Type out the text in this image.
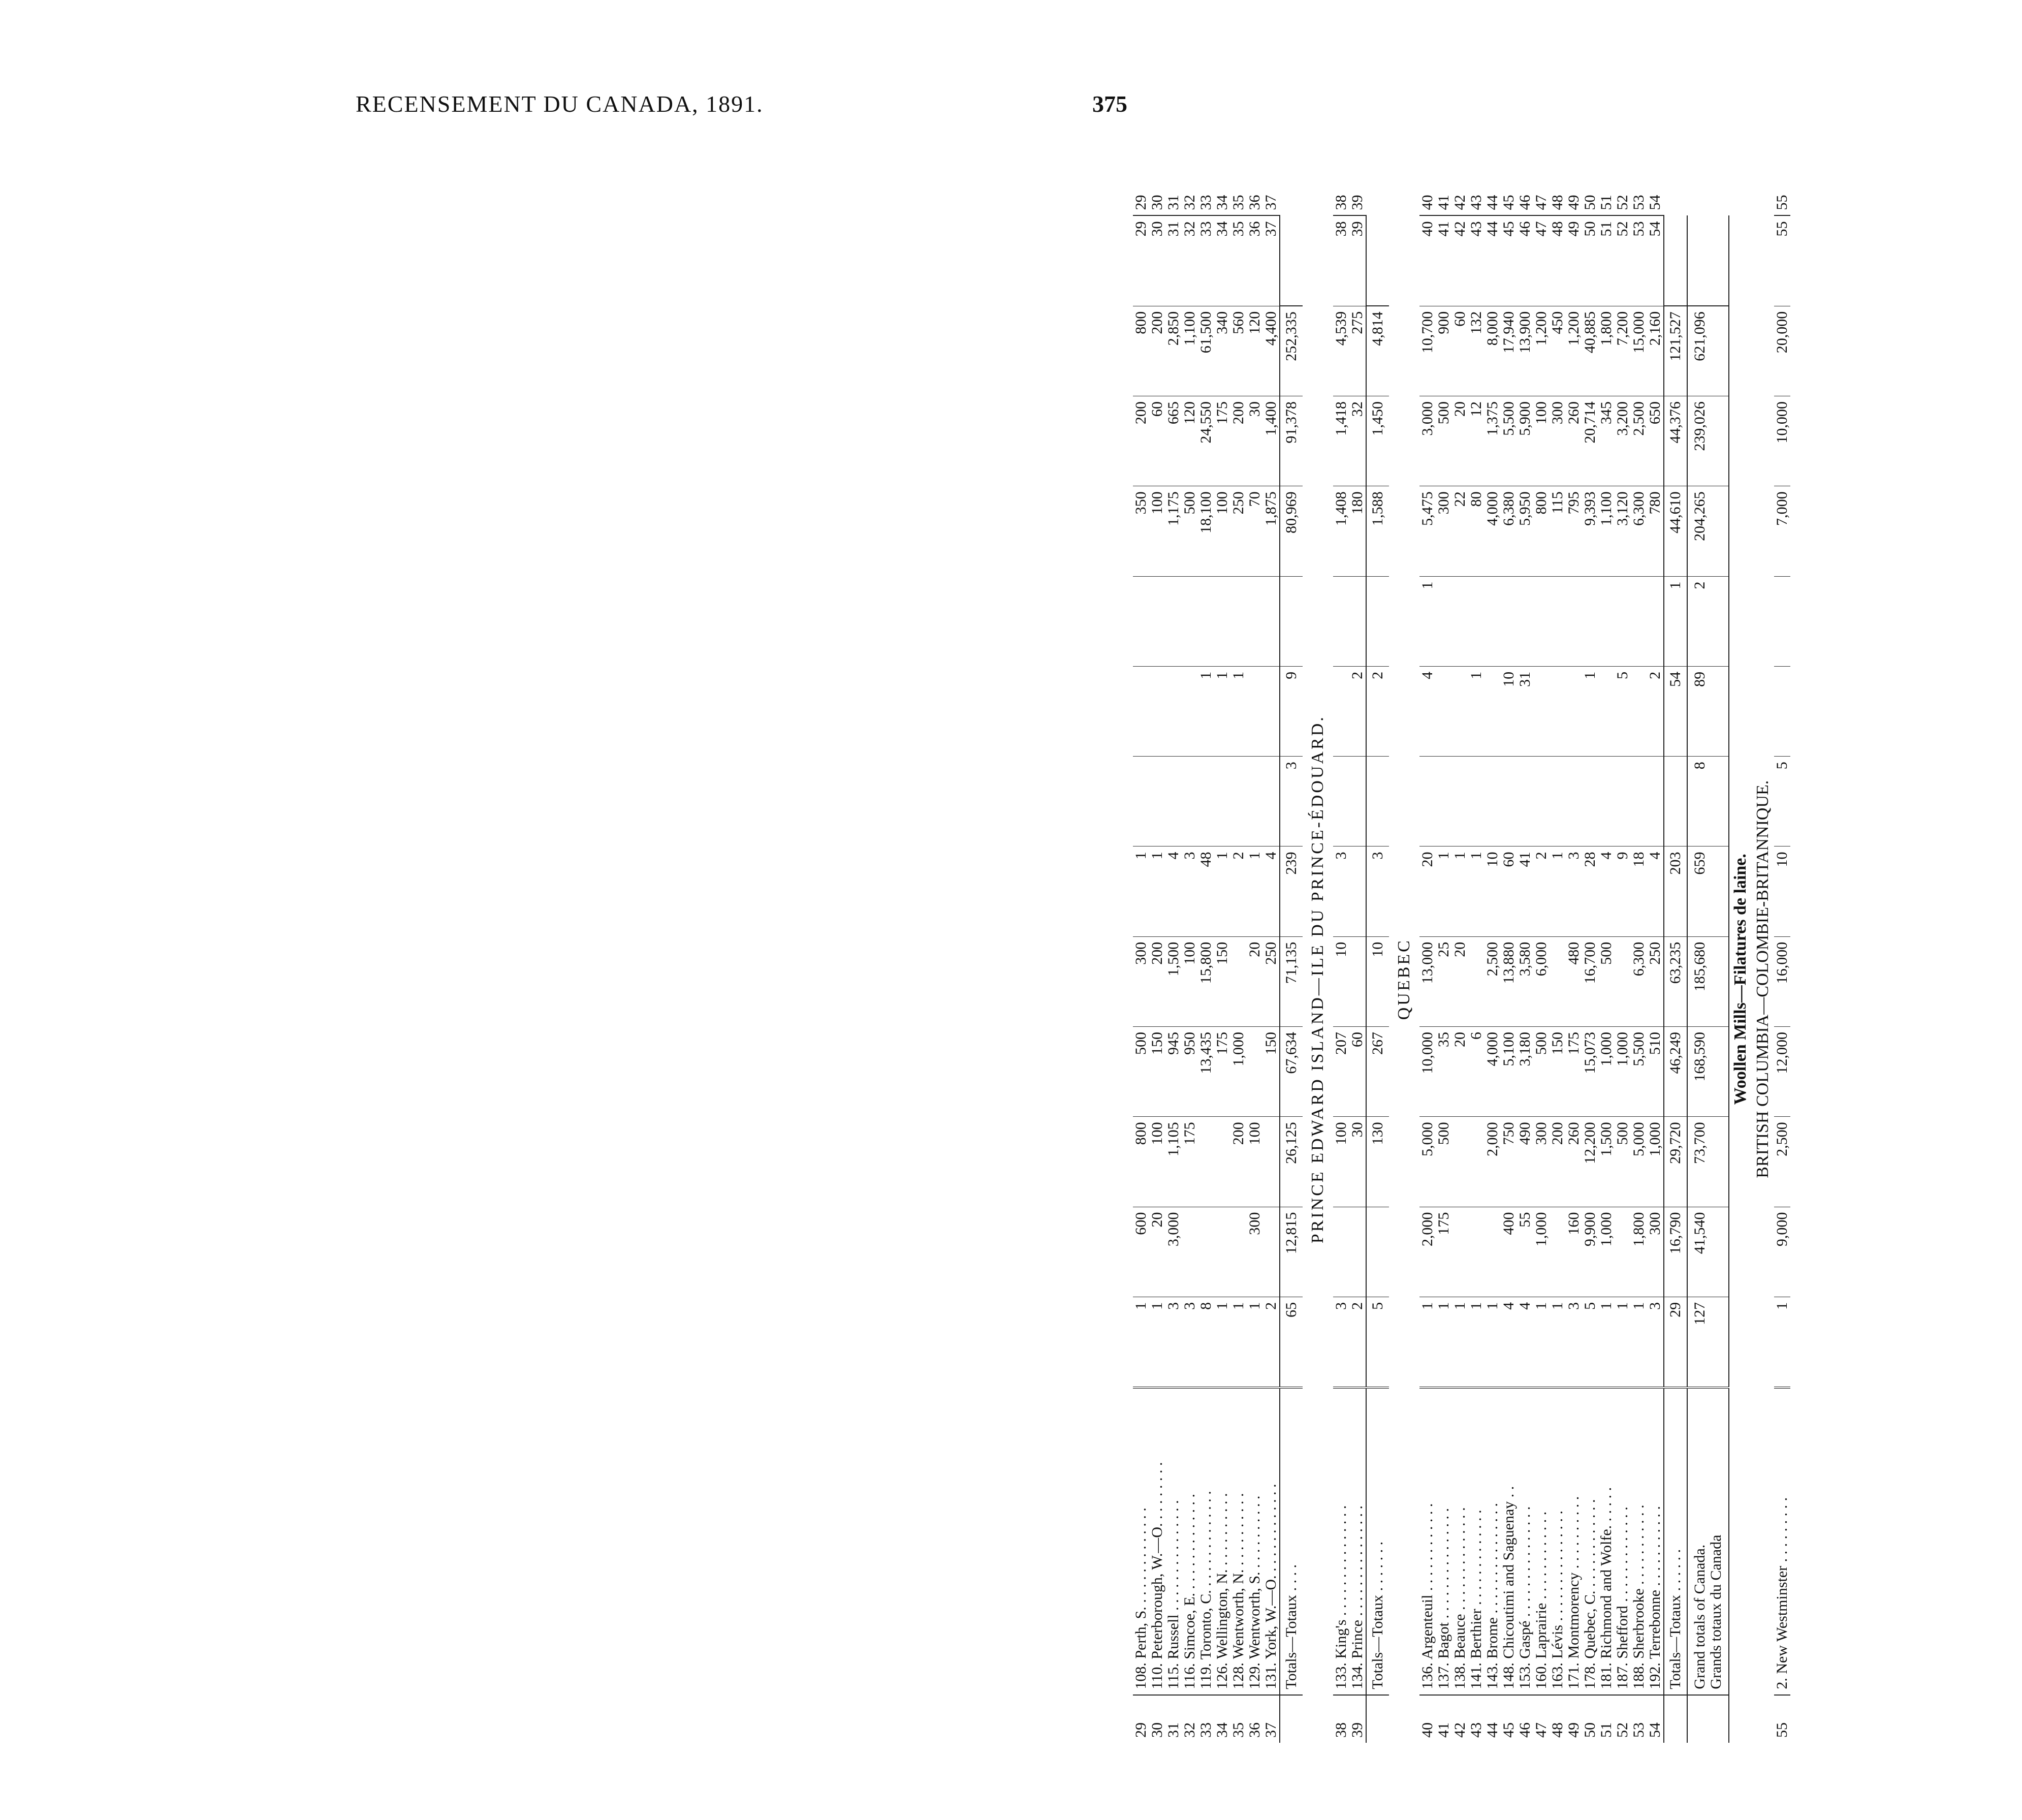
RECENSEMENT DU CANADA, 1891.	375
29	108. Perth, S. . . . . . . . . . . . . .	1	600	800	500	300	1				350	200	800	29	29
30	110. Peterborough, W.—O. . . . . . . . .	1	20	100	150	200	1				100	60	200	30	30
31	115. Russell . . . . . . . . . . . . . . .	3	3,000	1,105	945	1,500	4				1,175	665	2,850	31	31
32	116. Simcoe, E. . . . . . . . . . . . . .	3		175	950	100	3				500	120	1,100	32	32
33	119. Toronto, C. . . . . . . . . . . . . .	8			13,435	15,800	48		1		18,100	24,550	61,500	33	33
34	126. Wellington, N. . . . . . . . . . .	1			175	150	1		1		100	175	340	34	34
35	128. Wentworth, N. . . . . . . . . . .	1		200	1,000		2		1		250	200	560	35	35
36	129. Wentworth, S. . . . . . . . . . .	1	300	100		20	1				70	30	120	36	36
37	131. York, W.—O. . . . . . . . . . . . .	2			150	250	4				1,875	1,400	4,400	37	37
	Totals—Totaux . . . .	65	12,815	26,125	67,634	71,135	239	3	9		80,969	91,378	252,335		
PRINCE EDWARD ISLAND—ILE DU PRINCE-ÉDOUARD.															
38	133. King's . . . . . . . . . . . . . . .	3		100	207	10	3				1,408	1,418	4,539	38	38
39	134. Prince . . . . . . . . . . . . . . .	2		30	60				2		180	32	275	39	39
	Totals—Totaux . . . . . . .	5		130	267	10	3		2		1,588	1,450	4,814		
QUEBEC															
40	136. Argenteuil . . . . . . . . . . . .	1	2,000	5,000	10,000	13,000	20		4	1	5,475	3,000	10,700	40	40
41	137. Bagot . . . . . . . . . . . . . . .	1	175	500	35	25	1				300	500	900	41	41
42	138. Beauce . . . . . . . . . . . . . .	1			20	20	1				22	20	60	42	42
43	141. Berthier . . . . . . . . . . . . .	1			6		1		1		80	12	132	43	43
44	143. Brome . . . . . . . . . . . . . . .	1		2,000	4,000	2,500	10				4,000	1,375	8,000	44	44
45	148. Chicoutimi and Saguenay . .	4	400	750	5,100	13,880	60		10		6,380	5,500	17,940	45	45
46	153. Gaspé . . . . . . . . . . . . . . .	4	55	490	3,180	3,580	41		31		5,950	5,900	13,900	46	46
47	160. Laprairie . . . . . . . . . . . .	1	1,000	300	500	6,000	2				800	100	1,200	47	47
48	163. Lévis . . . . . . . . . . . . . . .	1		200	150		1				115	300	450	48	48
49	171. Montmorency . . . . . . . . . .	3	160	260	175	480	3				795	260	1,200	49	49
50	178. Quebec, C. . . . . . . . . . . . .	5	9,900	12,200	15,073	16,700	28		1		9,393	20,714	40,885	50	50
51	181. Richmond and Wolfe. . . . . .	1	1,000	1,500	1,000	500	4				1,100	345	1,800	51	51
52	187. Shefford . . . . . . . . . . . . .	1		500	1,000		9		5		3,120	3,200	7,200	52	52
53	188. Sherbrooke . . . . . . . . . . .	1	1,800	5,000	5,500	6,300	18				6,300	2,500	15,000	53	53
54	192. Terrebonne . . . . . . . . . . .	3	300	1,000	510	250	4		2		780	650	2,160	54	54
	Totals—Totaux . . . . . .	29	16,790	29,720	46,249	63,235	203		54	1	44,610	44,376	121,527		

	Grand totals of Canada. Grands totaux du Canada	127	41,540	73,700	168,590	185,680	659	8	89	2	204,265	239,026	621,096		
Woollen Mills—Filatures de laine.															
BRITISH COLUMBIA—COLOMBIE-BRITANNIQUE.															
55	2. New Westminster . . . . . . . . .	1	9,000	2,500	12,000	16,000	10	5			7,000	10,000	20,000	55	55
